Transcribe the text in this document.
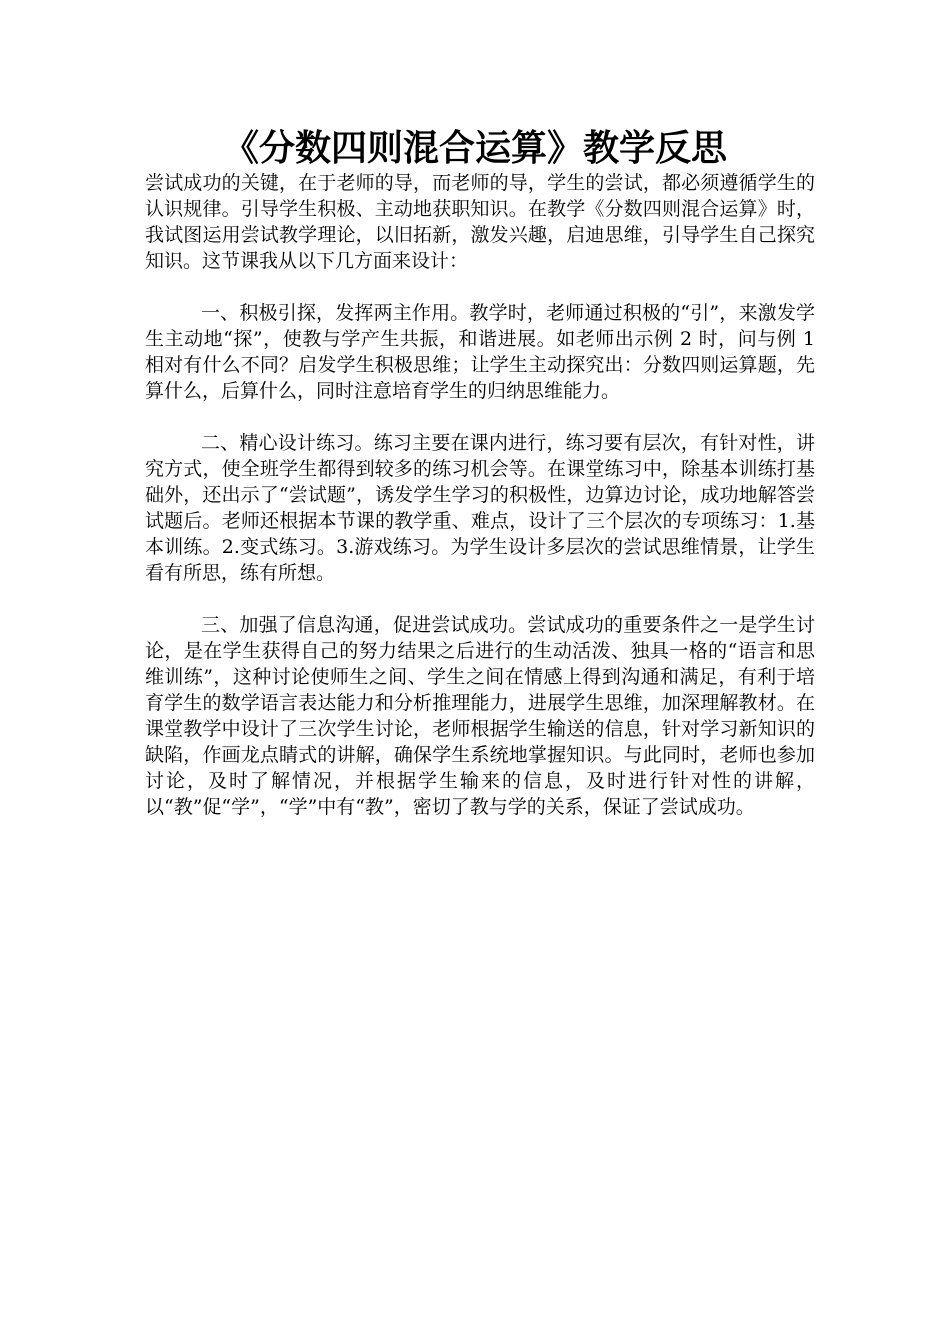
《分数四则混合运算》教学反思

尝试成功的关键，在于老师的导，而老师的导，学生的尝试，都必须遵循学生的认识规律。引导学生积极、主动地获职知识。在教学《分数四则混合运算》时，我试图运用尝试教学理论，以旧拓新，激发兴趣，启迪思维，引导学生自己探究知识。这节课我从以下几方面来设计：

一、积极引探，发挥两主作用。教学时，老师通过积极的“引”，来激发学生主动地“探”，使教与学产生共振，和谐进展。如老师出示例 2 时，问与例 1 相对有什么不同？启发学生积极思维；让学生主动探究出：分数四则运算题，先算什么，后算什么，同时注意培育学生的归纳思维能力。

二、精心设计练习。练习主要在课内进行，练习要有层次，有针对性，讲究方式，使全班学生都得到较多的练习机会等。在课堂练习中，除基本训练打基础外，还出示了“尝试题”，诱发学生学习的积极性，边算边讨论，成功地解答尝试题后。老师还根据本节课的教学重、难点，设计了三个层次的专项练习：1.基本训练。2.变式练习。3.游戏练习。为学生设计多层次的尝试思维情景，让学生看有所思，练有所想。

三、加强了信息沟通，促进尝试成功。尝试成功的重要条件之一是学生讨论，是在学生获得自己的努力结果之后进行的生动活泼、独具一格的“语言和思维训练”，这种讨论使师生之间、学生之间在情感上得到沟通和满足，有利于培育学生的数学语言表达能力和分析推理能力，进展学生思维，加深理解教材。在课堂教学中设计了三次学生讨论，老师根据学生输送的信息，针对学习新知识的缺陷，作画龙点睛式的讲解，确保学生系统地掌握知识。与此同时，老师也参加讨论，及时了解情况，并根据学生输来的信息，及时进行针对性的讲解，以“教”促“学”，“学”中有“教”，密切了教与学的关系，保证了尝试成功。
